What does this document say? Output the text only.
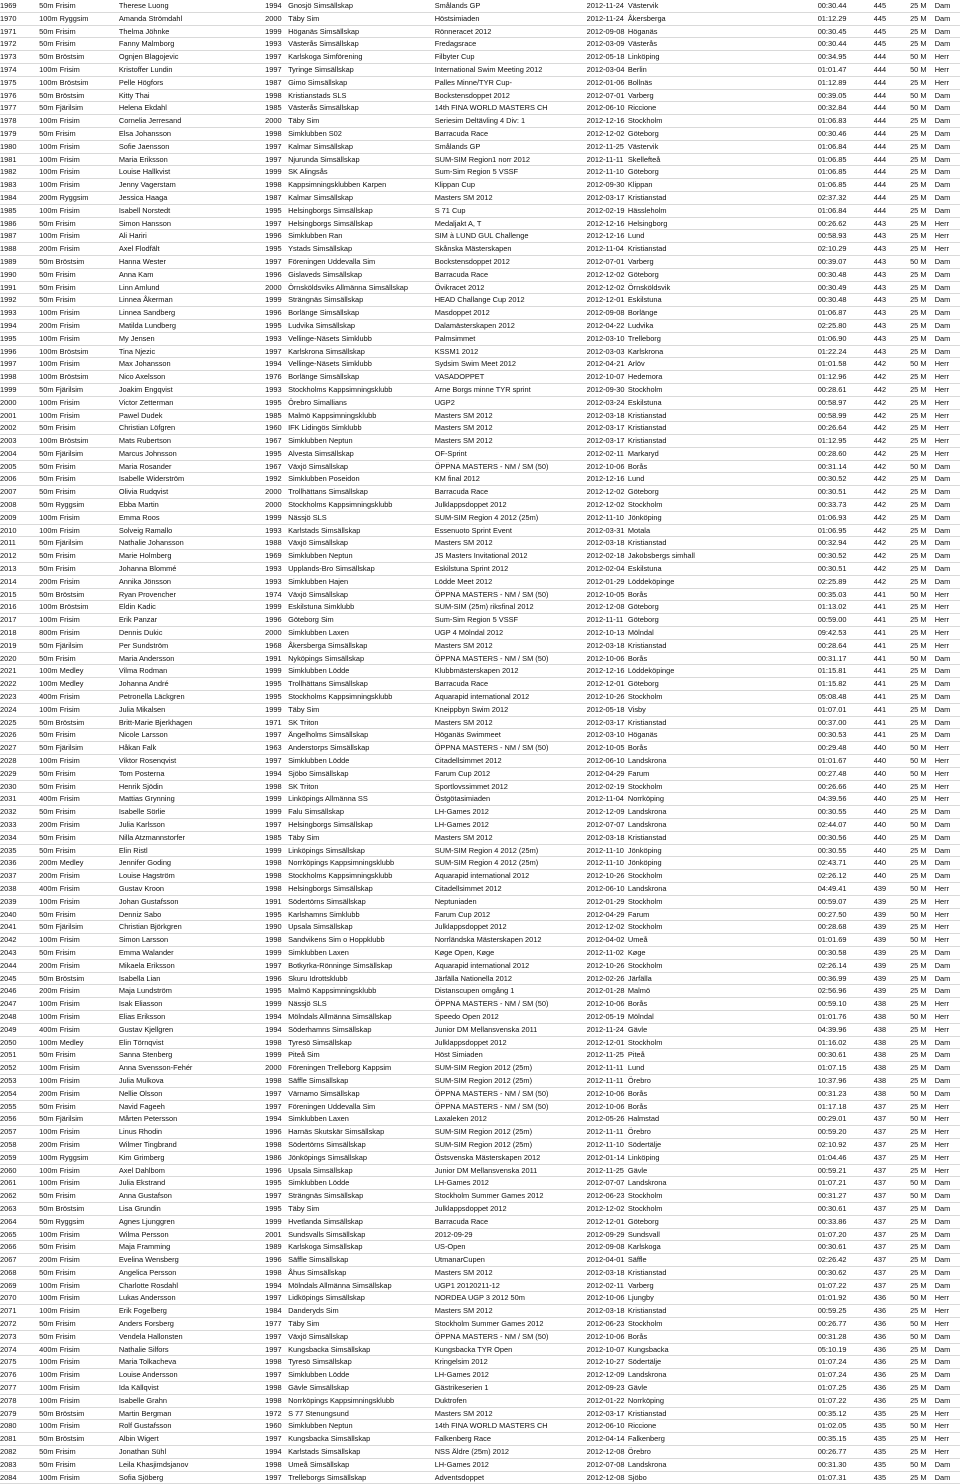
1969	50m Frisim	Therese Luong	1994	Gnosjö Simsällskap	Smålands GP	2012-11-24	Västervik	00:30.44	445	25 M	Dam
1970	100m Ryggsim	Amanda Strömdahl	2000	Täby Sim	Höstsimiaden	2012-11-24	Åkersberga	01:12.29	445	25 M	Dam
1971	50m Frisim	Thelma Jöhnke	1999	Höganäs Simsällskap	Rönneracet 2012	2012-09-08	Höganäs	00:30.45	445	25 M	Dam
1972	50m Frisim	Fanny Malmborg	1993	Västerås Simsällskap	Fredagsrace	2012-03-09	Västerås	00:30.44	445	25 M	Dam
1973	50m Bröstsim	Ognjen Blagojevic	1997	Karlskoga Simförening	Filbyter Cup	2012-05-18	Linköping	00:34.95	444	50 M	Herr
1974	100m Frisim	Kristoffer Lundin	1997	Tyringe Simsällskap	International Swim Meeting 2012	2012-03-04	Berlin	01:01.47	444	50 M	Herr
1975	100m Bröstsim	Pelle Högfors	1987	Gimo Simsällskap	Palles Minne/TYR Cup-	2012-01-06	Bollnäs	01:12.89	444	25 M	Herr
1976	50m Bröstsim	Kitty Thai	1998	Kristianstads SLS	Bockstensdoppet 2012	2012-07-01	Varberg	00:39.05	444	50 M	Dam
1977	50m Fjärilsim	Helena Ekdahl	1985	Västerås Simsällskap	14th FINA WORLD MASTERS CH	2012-06-10	Riccione	00:32.84	444	50 M	Dam
1978	100m Frisim	Cornelia Jerresand	2000	Täby Sim	Seriesim Deltävling 4 Div: 1	2012-12-16	Stockholm	01:06.83	444	25 M	Dam
1979	50m Frisim	Elsa Johansson	1998	Simklubben S02	Barracuda Race	2012-12-02	Göteborg	00:30.46	444	25 M	Dam
1980	100m Frisim	Sofie Jaensson	1997	Kalmar Simsällskap	Smålands GP	2012-11-25	Västervik	01:06.84	444	25 M	Dam
1981	100m Frisim	Maria Eriksson	1997	Njurunda Simsällskap	SUM-SIM Region1 norr 2012	2012-11-11	Skellefteå	01:06.85	444	25 M	Dam
1982	100m Frisim	Louise Hallkvist	1999	SK Alingsås	Sum-Sim Region 5 VSSF	2012-11-10	Göteborg	01:06.85	444	25 M	Dam
1983	100m Frisim	Jenny Vagerstam	1998	Kappsimningsklubben Karpen	Klippan Cup	2012-09-30	Klippan	01:06.85	444	25 M	Dam
1984	200m Ryggsim	Jessica Haaga	1987	Kalmar Simsällskap	Masters SM 2012	2012-03-17	Kristianstad	02:37.32	444	25 M	Dam
1985	100m Frisim	Isabell Norstedt	1995	Helsingborgs Simsällskap	S 71 Cup	2012-02-19	Hässleholm	01:06.84	444	25 M	Dam
1986	50m Frisim	Simon Hansson	1997	Helsingborgs Simsällskap	Medaljakt A, T	2012-12-16	Helsingborg	00:26.62	443	25 M	Herr
1987	100m Frisim	Ali Hariri	1996	Simklubben Ran	SIM à LUND GUL Challenge	2012-12-16	Lund	00:58.93	443	25 M	Herr
1988	200m Frisim	Axel Flodfält	1995	Ystads Simsällskap	Skånska Mästerskapen	2012-11-04	Kristianstad	02:10.29	443	25 M	Herr
1989	50m Bröstsim	Hanna Wester	1997	Föreningen Uddevalla Sim	Bockstensdoppet 2012	2012-07-01	Varberg	00:39.07	443	50 M	Dam
1990	50m Frisim	Anna Kam	1996	Gislaveds Simsällskap	Barracuda Race	2012-12-02	Göteborg	00:30.48	443	25 M	Dam
1991	50m Frisim	Linn Amlund	2000	Örnsköldsviks Allmänna Simsällskap	Övikracet 2012	2012-12-02	Örnsköldsvik	00:30.49	443	25 M	Dam
1992	50m Frisim	Linnea Åkerman	1999	Strängnäs Simsällskap	HEAD Challange Cup 2012	2012-12-01	Eskilstuna	00:30.48	443	25 M	Dam
1993	100m Frisim	Linnea Sandberg	1996	Borlänge Simsällskap	Masdoppet 2012	2012-09-08	Borlänge	01:06.87	443	25 M	Dam
1994	200m Frisim	Matilda Lundberg	1995	Ludvika Simsällskap	Dalamästerskapen 2012	2012-04-22	Ludvika	02:25.80	443	25 M	Dam
1995	100m Frisim	My Jensen	1993	Vellinge-Näsets Simklubb	Palmsimmet	2012-03-10	Trelleborg	01:06.90	443	25 M	Dam
1996	100m Bröstsim	Tina Njezic	1997	Karlskrona Simsällskap	KSSM1 2012	2012-03-03	Karlskrona	01:22.24	443	25 M	Dam
1997	100m Frisim	Max Johansson	1994	Vellinge-Näsets Simklubb	Sydsim Swim Meet 2012	2012-04-21	Arlöv	01:01.58	442	50 M	Herr
1998	100m Bröstsim	Nico Axelsson	1976	Borlänge Simsällskap	VASADOPPET	2012-10-07	Hedemora	01:12.96	442	25 M	Herr
1999	50m Fjärilsim	Joakim Engqvist	1993	Stockholms Kappsimningsklubb	Arne Borgs minne TYR sprint	2012-09-30	Stockholm	00:28.61	442	25 M	Herr
2000	100m Frisim	Victor Zetterman	1995	Örebro Simallians	UGP2	2012-03-24	Eskilstuna	00:58.97	442	25 M	Herr
2001	100m Frisim	Pawel Dudek	1985	Malmö Kappsimningsklubb	Masters SM 2012	2012-03-18	Kristianstad	00:58.99	442	25 M	Herr
2002	50m Frisim	Christian Löfgren	1960	IFK Lidingös Simklubb	Masters SM 2012	2012-03-17	Kristianstad	00:26.64	442	25 M	Herr
2003	100m Bröstsim	Mats Rubertson	1967	Simklubben Neptun	Masters SM 2012	2012-03-17	Kristianstad	01:12.95	442	25 M	Herr
2004	50m Fjärilsim	Marcus Johnsson	1995	Alvesta Simsällskap	OF-Sprint	2012-02-11	Markaryd	00:28.60	442	25 M	Herr
2005	50m Frisim	Maria Rosander	1967	Växjö Simsällskap	ÖPPNA MASTERS - NM / SM (50)	2012-10-06	Borås	00:31.14	442	50 M	Dam
2006	50m Frisim	Isabelle Widerström	1992	Simklubben Poseidon	KM final 2012	2012-12-16	Lund	00:30.52	442	25 M	Dam
2007	50m Frisim	Olivia Rudqvist	2000	Trollhättans Simsällskap	Barracuda Race	2012-12-02	Göteborg	00:30.51	442	25 M	Dam
2008	50m Ryggsim	Ebba Martin	2000	Stockholms Kappsimningsklubb	Julklappsdoppet 2012	2012-12-02	Stockholm	00:33.73	442	25 M	Dam
2009	100m Frisim	Emma Roos	1999	Nässjö SLS	SUM-SIM Region 4 2012 (25m)	2012-11-10	Jönköping	01:06.93	442	25 M	Dam
2010	100m Frisim	Solveig Ramallo	1993	Karlstads Simsällskap	Essenuoto Sprint Event	2012-03-31	Motala	01:06.95	442	25 M	Dam
2011	50m Fjärilsim	Nathalie Johansson	1988	Växjö Simsällskap	Masters SM 2012	2012-03-18	Kristianstad	00:32.94	442	25 M	Dam
2012	50m Frisim	Marie Holmberg	1969	Simklubben Neptun	JS Masters Invitational 2012	2012-02-18	Jakobsbergs simhall	00:30.52	442	25 M	Dam
2013	50m Frisim	Johanna Blommé	1993	Upplands-Bro Simsällskap	Eskilstuna Sprint 2012	2012-02-04	Eskilstuna	00:30.51	442	25 M	Dam
2014	200m Frisim	Annika Jönsson	1993	Simklubben Hajen	Lödde Meet 2012	2012-01-29	Löddeköpinge	02:25.89	442	25 M	Dam
2015	50m Bröstsim	Ryan Provencher	1974	Växjö Simsällskap	ÖPPNA MASTERS - NM / SM (50)	2012-10-05	Borås	00:35.03	441	50 M	Herr
2016	100m Bröstsim	Eldin Kadic	1999	Eskilstuna Simklubb	SUM-SIM (25m) riksfinal 2012	2012-12-08	Göteborg	01:13.02	441	25 M	Herr
2017	100m Frisim	Erik Panzar	1996	Göteborg Sim	Sum-Sim Region 5 VSSF	2012-11-11	Göteborg	00:59.00	441	25 M	Herr
2018	800m Frisim	Dennis Dukic	2000	Simklubben Laxen	UGP 4 Mölndal 2012	2012-10-13	Mölndal	09:42.53	441	25 M	Herr
2019	50m Fjärilsim	Per Sundström	1968	Åkersberga Simsällskap	Masters SM 2012	2012-03-18	Kristianstad	00:28.64	441	25 M	Herr
2020	50m Frisim	Maria Andersson	1991	Nyköpings Simsällskap	ÖPPNA MASTERS - NM / SM (50)	2012-10-06	Borås	00:31.17	441	50 M	Dam
2021	100m Medley	Vilma Rodman	1999	Simklubben Lödde	Klubbmästerskapen 2012	2012-12-16	Löddeköpinge	01:15.81	441	25 M	Dam
2022	100m Medley	Johanna André	1995	Trollhättans Simsällskap	Barracuda Race	2012-12-01	Göteborg	01:15.82	441	25 M	Dam
2023	400m Frisim	Petronella Läckgren	1995	Stockholms Kappsimningsklubb	Aquarapid international 2012	2012-10-26	Stockholm	05:08.48	441	25 M	Dam
2024	100m Frisim	Julia Mikalsen	1999	Täby Sim	Kneippbyn Swim 2012	2012-05-18	Visby	01:07.01	441	25 M	Dam
2025	50m Bröstsim	Britt-Marie Bjerkhagen	1971	SK Triton	Masters SM 2012	2012-03-17	Kristianstad	00:37.00	441	25 M	Dam
2026	50m Frisim	Nicole Larsson	1997	Ängelholms Simsällskap	Höganäs Swimmeet	2012-03-10	Höganäs	00:30.53	441	25 M	Dam
2027	50m Fjärilsim	Håkan Falk	1963	Anderstorps Simsällskap	ÖPPNA MASTERS - NM / SM (50)	2012-10-05	Borås	00:29.48	440	50 M	Herr
2028	100m Frisim	Viktor Rosenqvist	1997	Simklubben Lödde	Citadellsimmet 2012	2012-06-10	Landskrona	01:01.67	440	50 M	Herr
2029	50m Frisim	Tom Posterna	1994	Sjöbo Simsällskap	Farum Cup 2012	2012-04-29	Farum	00:27.48	440	50 M	Herr
2030	50m Frisim	Henrik Sjödin	1998	SK Triton	Sportlovssimmet 2012	2012-02-19	Stockholm	00:26.66	440	25 M	Herr
2031	400m Frisim	Mattias Grynning	1999	Linköpings Allmänna SS	Östgötasimiaden	2012-11-04	Norrköping	04:39.56	440	25 M	Herr
2032	50m Frisim	Isabelle Sörlie	1999	Falu Simsällskap	LH-Games 2012	2012-12-09	Landskrona	00:30.55	440	25 M	Dam
2033	200m Frisim	Julia Karlsson	1997	Helsingborgs Simsällskap	LH-Games 2012	2012-07-07	Landskrona	02:44.07	440	50 M	Dam
2034	50m Frisim	Nilla Atzmannstorfer	1985	Täby Sim	Masters SM 2012	2012-03-18	Kristianstad	00:30.56	440	25 M	Dam
2035	50m Frisim	Elin Ristl	1999	Linköpings Simsällskap	SUM-SIM Region 4 2012 (25m)	2012-11-10	Jönköping	00:30.55	440	25 M	Dam
2036	200m Medley	Jennifer Goding	1998	Norrköpings Kappsimningsklubb	SUM-SIM Region 4 2012 (25m)	2012-11-10	Jönköping	02:43.71	440	25 M	Dam
2037	200m Frisim	Louise Hagström	1998	Stockholms Kappsimningsklubb	Aquarapid international 2012	2012-10-26	Stockholm	02:26.12	440	25 M	Dam
2038	400m Frisim	Gustav Kroon	1998	Helsingborgs Simsällskap	Citadellsimmet 2012	2012-06-10	Landskrona	04:49.41	439	50 M	Herr
2039	100m Frisim	Johan Gustafsson	1991	Södertörns Simsällskap	Neptuniaden	2012-01-29	Stockholm	00:59.07	439	25 M	Herr
2040	50m Frisim	Denniz Sabo	1995	Karlshamns Simklubb	Farum Cup 2012	2012-04-29	Farum	00:27.50	439	50 M	Herr
2041	50m Fjärilsim	Christian Björkgren	1990	Upsala Simsällskap	Julklappsdoppet 2012	2012-12-02	Stockholm	00:28.68	439	25 M	Herr
2042	100m Frisim	Simon Larsson	1998	Sandvikens Sim o Hoppklubb	Norrländska Mästerskapen 2012	2012-04-02	Umeå	01:01.69	439	50 M	Herr
2043	50m Frisim	Emma Walander	1999	Simklubben Laxen	Køge Open, Køge	2012-11-02	Køge	00:30.58	439	25 M	Dam
2044	200m Frisim	Mikaela Eriksson	1997	Botkyrka-Rönninge Simsällskap	Aquarapid international 2012	2012-10-26	Stockholm	02:26.14	439	25 M	Dam
2045	50m Bröstsim	Isabella Lian	1996	Skuru Idrottsklubb	Järfälla Nationella 2012	2012-02-26	Järfälla	00:36.99	439	25 M	Dam
2046	200m Frisim	Maja Lundström	1995	Malmö Kappsimningsklubb	Distanscupen omgång 1	2012-01-28	Malmö	02:56.96	439	25 M	Dam
2047	100m Frisim	Isak Eliasson	1999	Nässjö SLS	ÖPPNA MASTERS - NM / SM (50)	2012-10-06	Borås	00:59.10	438	25 M	Herr
2048	100m Frisim	Elias Eriksson	1994	Mölndals Allmänna Simsällskap	Speedo Open 2012	2012-05-19	Mölndal	01:01.76	438	50 M	Herr
2049	400m Frisim	Gustav Kjellgren	1994	Söderhamns Simsällskap	Junior DM Mellansvenska 2011	2012-11-24	Gävle	04:39.96	438	25 M	Herr
2050	100m Medley	Elin Törnqvist	1998	Tyresö Simsällskap	Julklappsdoppet 2012	2012-12-01	Stockholm	01:16.02	438	25 M	Dam
2051	50m Frisim	Sanna Stenberg	1999	Piteå Sim	Höst Simiaden	2012-11-25	Piteå	00:30.61	438	25 M	Dam
2052	100m Frisim	Anna Svensson-Fehér	2000	Föreningen Trelleborg Kappsim	SUM-SIM Region 2012 (25m)	2012-11-11	Lund	01:07.15	438	25 M	Dam
2053	100m Frisim	Julia Mulkova	1998	Säffle Simsällskap	SUM-SIM Region 2012 (25m)	2012-11-11	Örebro	10:37.96	438	25 M	Dam
2054	200m Frisim	Nellie Olsson	1997	Värnamo Simsällskap	ÖPPNA MASTERS - NM / SM (50)	2012-10-06	Borås	00:31.23	438	50 M	Dam
2055	50m Frisim	Navid Fageeh	1997	Föreningen Uddevalla Sim	ÖPPNA MASTERS - NM / SM (50)	2012-10-06	Borås	01:17.18	437	25 M	Herr
2056	50m Fjärilsim	Mårten Petersson	1994	Simklubben Laxen	Laxaleken 2012	2012-05-26	Halmstad	00:29.01	437	50 M	Herr
2057	100m Frisim	Linus Rhodin	1996	Harnäs Skutskär Simsällskap	SUM-SIM Region 2012 (25m)	2012-11-11	Örebro	00:59.20	437	25 M	Herr
2058	200m Frisim	Wilmer Tingbrand	1998	Södertörns Simsällskap	SUM-SIM Region 2012 (25m)	2012-11-10	Södertälje	02:10.92	437	25 M	Herr
2059	100m Ryggsim	Kim Grimberg	1986	Jönköpings Simsällskap	Östsvenska Mästerskapen 2012	2012-01-14	Linköping	01:04.46	437	25 M	Herr
2060	100m Frisim	Axel Dahlbom	1996	Upsala Simsällskap	Junior DM Mellansvenska 2011	2012-11-25	Gävle	00:59.21	437	25 M	Herr
2061	100m Frisim	Julia Ekstrand	1995	Simklubben Lödde	LH-Games 2012	2012-07-07	Landskrona	01:07.21	437	50 M	Dam
2062	50m Frisim	Anna Gustafson	1997	Strängnäs Simsällskap	Stockholm Summer Games 2012	2012-06-23	Stockholm	00:31.27	437	50 M	Dam
2063	50m Bröstsim	Lisa Grundin	1995	Täby Sim	Julklappsdoppet 2012	2012-12-02	Stockholm	00:30.61	437	25 M	Dam
2064	50m Ryggsim	Agnes Ljunggren	1999	Hvetlanda Simsällskap	Barracuda Race	2012-12-01	Göteborg	00:33.86	437	25 M	Dam
2065	100m Frisim	Wilma Persson	2001	Sundsvalls Simsällskap	2012-09-29	2012-09-29	Sundsvall	01:07.20	437	25 M	Dam
2066	50m Frisim	Maja Framming	1989	Karlskoga Simsällskap	US-Open	2012-09-08	Karlskoga	00:30.61	437	25 M	Dam
2067	200m Frisim	Evelina Wensberg	1996	Säffle Simsällskap	UtmanarCupen	2012-04-01	Säffle	02:26.42	437	25 M	Dam
2068	50m Frisim	Angelica Persson	1998	Åhus Simsällskap	Masters SM 2012	2012-03-18	Kristianstad	00:30.62	437	25 M	Dam
2069	100m Frisim	Charlotte Rosdahl	1994	Mölndals Allmänna Simsällskap	UGP1 20120211-12	2012-02-11	Varberg	01:07.22	437	25 M	Dam
2070	100m Frisim	Lukas Andersson	1997	Lidköpings Simsällskap	NORDEA UGP 3 2012 50m	2012-10-06	Ljungby	01:01.92	436	50 M	Herr
2071	100m Frisim	Erik Fogelberg	1984	Danderyds Sim	Masters SM 2012	2012-03-18	Kristianstad	00:59.25	436	25 M	Herr
2072	50m Frisim	Anders Forsberg	1977	Täby Sim	Stockholm Summer Games 2012	2012-06-23	Stockholm	00:26.77	436	50 M	Herr
2073	50m Frisim	Vendela Hallonsten	1997	Växjö Simsällskap	ÖPPNA MASTERS - NM / SM (50)	2012-10-06	Borås	00:31.28	436	50 M	Dam
2074	400m Frisim	Nathalie Silfors	1997	Kungsbacka Simsällskap	Kungsbacka TYR Open	2012-10-07	Kungsbacka	05:10.19	436	25 M	Dam
2075	100m Frisim	Maria Tolkacheva	1998	Tyresö Simsällskap	Kringelsim 2012	2012-10-27	Södertälje	01:07.24	436	25 M	Dam
2076	100m Frisim	Louise Andersson	1997	Simklubben Lödde	LH-Games 2012	2012-12-09	Landskrona	01:07.24	436	25 M	Dam
2077	100m Frisim	Ida Källqvist	1998	Gävle Simsällskap	Gästrikeserien 1	2012-09-23	Gävle	01:07.25	436	25 M	Dam
2078	100m Frisim	Isabelle Grahn	1998	Norrköpings Kappsimningsklubb	Duktrofen	2012-01-22	Norrköping	01:07.22	436	25 M	Dam
2079	50m Bröstsim	Martin Bergman	1972	S 77 Stenungsund	Masters SM 2012	2012-03-17	Kristianstad	00:35.12	435	25 M	Herr
2080	100m Frisim	Rolf Gustafsson	1960	Simklubben Neptun	14th FINA WORLD MASTERS CH	2012-06-10	Riccione	01:02.05	435	50 M	Herr
2081	50m Bröstsim	Albin Wigert	1997	Kungsbacka Simsällskap	Falkenberg Race	2012-04-14	Falkenberg	00:35.15	435	25 M	Herr
2082	50m Frisim	Jonathan Sühl	1994	Karlstads Simsällskap	NSS Äldre (25m) 2012	2012-12-08	Örebro	00:26.77	435	25 M	Herr
2083	50m Frisim	Leila Khasjimdsjanov	1998	Umeå Simsällskap	LH-Games 2012	2012-07-08	Landskrona	00:31.30	435	50 M	Dam
2084	100m Frisim	Sofia Sjöberg	1997	Trelleborgs Simsällskap	Adventsdoppet	2012-12-08	Sjöbo	01:07.31	435	25 M	Dam
